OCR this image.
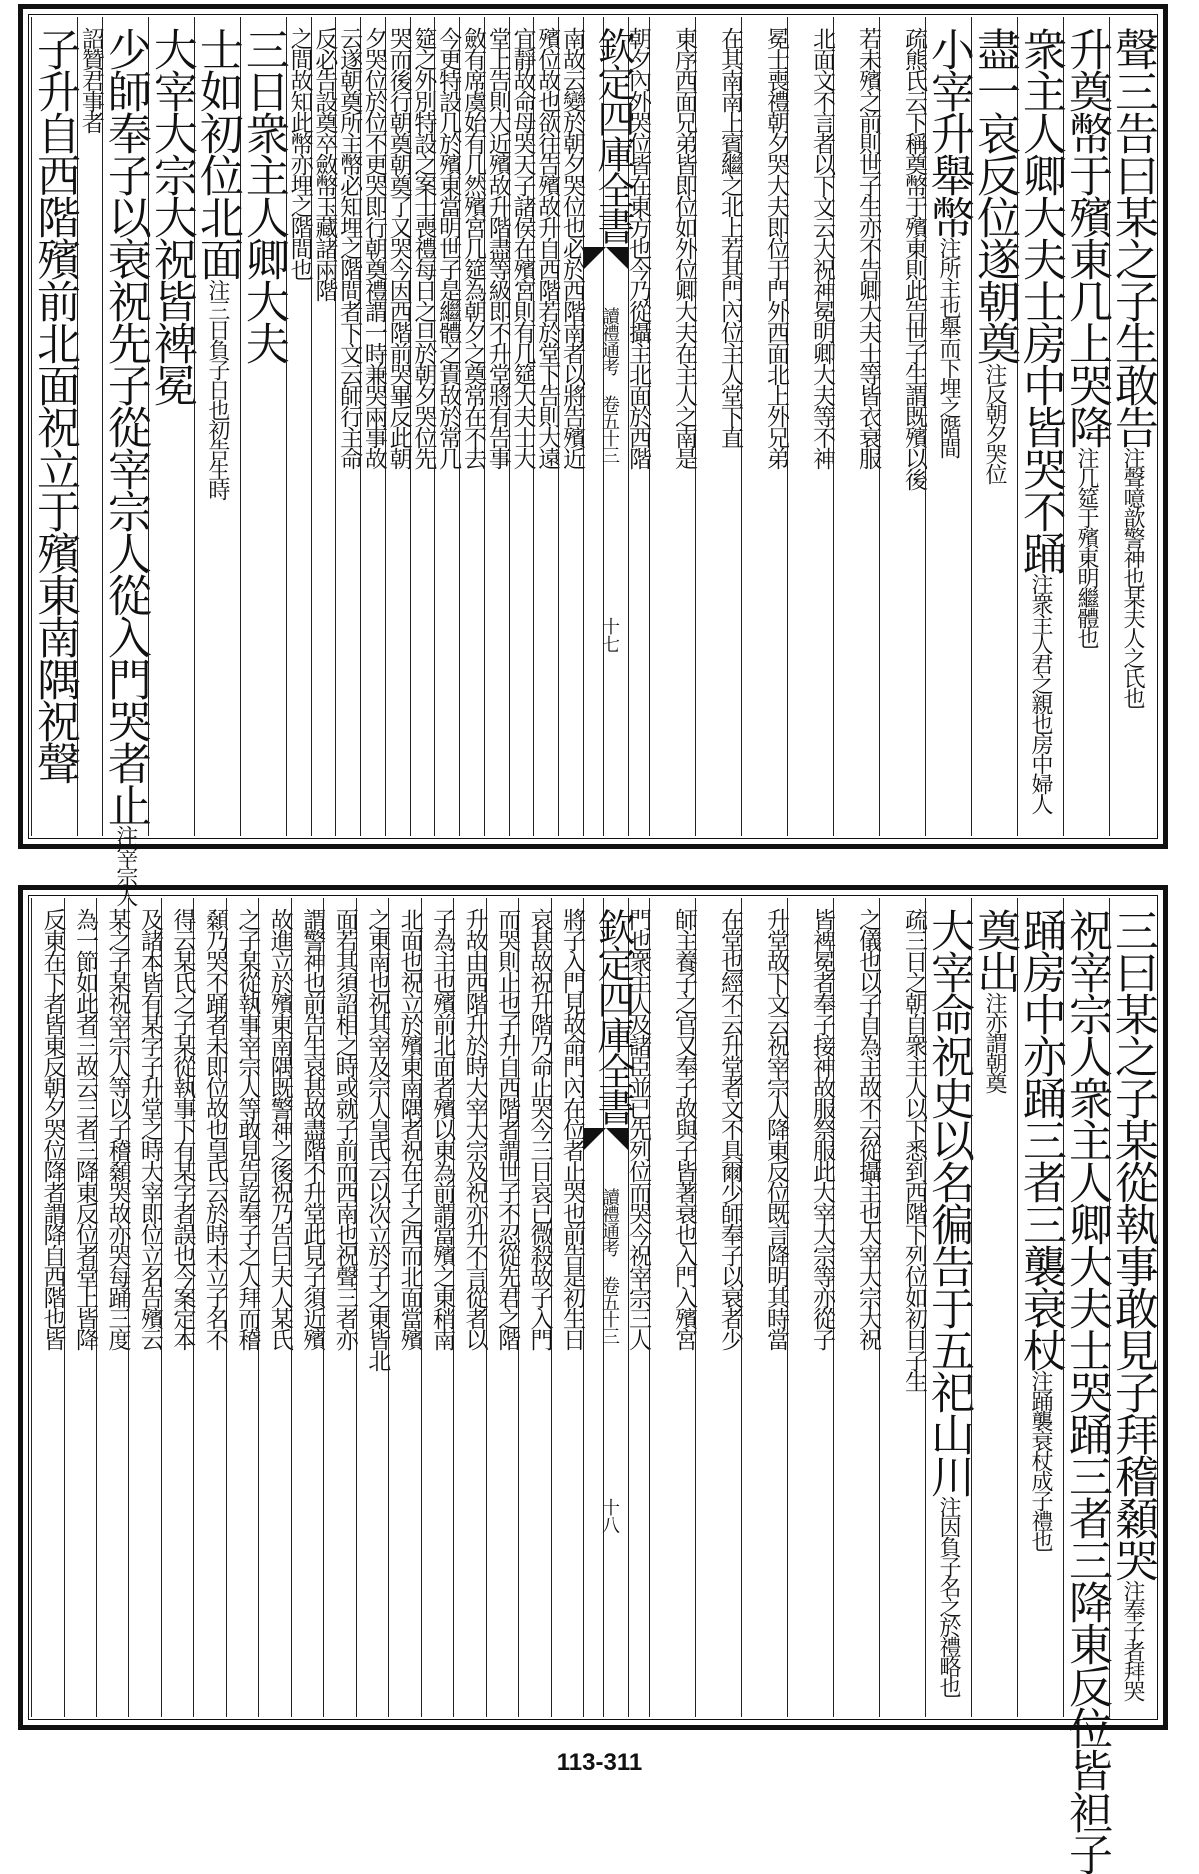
聲三告曰某之子生敢告注聲噫歆警神也某夫人之氏也
升奠幣于殯東几上哭降注几筵于殯東明繼體也
衆主人卿大夫士房中皆哭不踊注衆主人君之親也房中婦人
盡一哀反位遂朝奠注反朝夕哭位
小宰升舉幣注所主也舉而下埋之階間
疏熊氏云下稱奠幣于殯東則此告世子生謂既殯以後
若未殯之前則世子生亦不告卿大夫士等皆衣衰服
北面文不言者以下文云大祝神冕明卿大夫等不神
冕士喪禮朝夕哭大夫即位于門外西面北上外兄弟
在其南南上賓繼之北上若其門內位主人堂下直
東序西面兄弟皆即位如外位卿大夫在主人之南是
朝夕內外哭位皆在東方也今乃從攝主北面於西階
欽定四庫全書
讀禮通考 卷五十三
十七
南故云變於朝夕哭位也必於西階南者以將告殯近
殯位故也欲往告殯故升自西階若於堂下告則大遠
宜靜故命母哭天子諸侯在殯宮則有几筵大夫士大
堂上告則大近殯故升階盡等級即不升堂將有告事
斂有席虞始有几然殯宮几筵為朝夕之奠常在不去
今更特設几於殯東當明世子是繼體之貴故於常几
筵之外別特設之案士喪禮每日之旦於朝夕哭位先
哭而後行朝奠朝奠了又哭今因西階前哭畢反此朝
夕哭位於位不更哭即行朝奠禮謂一時兼哭兩事故
云遂朝奠所主幣必知埋之階間者下文云師行主命
反必告設奠卒斂幣玉藏諸兩階
之間故知此幣亦埋之階間也
三日衆主人卿大夫
士如初位北面注三日負子日也初告生時
大宰大宗大祝皆裨冕
少師奉子以衰祝先子從宰宗人從入門哭者止注宰宗人
詔贊君事者
子升自西階殯前北面祝立于殯東南隅祝聲
三曰某之子某從執事敢見子拜稽顙哭注奉子者拜哭
祝宰宗人衆主人卿大夫士哭踊三者三降東反位皆袒子
踊房中亦踊三者三襲衰杖注踊襲衰杖成子禮也
奠出注亦謂朝奠
大宰命祝史以名徧告于五祀山川注因負子名之於禮略也
疏三日之朝自衆主人以下悉到西階下列位如初日子生
之儀也以子自為主故不云從攝主也大宰大宗大祝
皆裨冕者奉子接神故服祭服此大宰大宗等亦從子
升堂故下文云祝宰宗人降東反位既言降明其時當
在堂也經不云升堂者文不具爾少師奉子以衰者少
師主養子之官又奉子故與子皆著衰也入門入殯宮
門也衆主人及諸臣並已先列位而哭今祝宰宗三人
欽定四庫全書
讀禮通考 卷五十三
十八
將子入門見故命門內在位者止哭也前告是初生日
哀甚故祝升階乃命止哭今三日哀已微殺故子入門
而哭則止也子升自西階者謂世子不忍從先君之階
升故由西階升於時大宰大宗及祝亦升不言從者以
子為主也殯前北面者殯以東為前謂當殯之東稍南
北面也祝立於殯東南隅者祝在子之西而北面當殯
之東南也祝其宰及宗人皇氏云以次立於子之東皆北
面若其須詔相之時或就子前而西南也祝聲三者亦
謂警神也前告生哀甚故盡階不升堂此見子須近殯
故進立於殯東南隅既警神之後祝乃告曰夫人某氏
之子某從執事宰宗人等敢見告訖奉子之人拜而稽
顙乃哭不踊者未即位故也皇氏云於時未立子名不
得云某氏之子某從執事下有某字者誤也今案定本
及諸本皆有某字子升堂之時大宰即位立名告殯云
某之子某祝宰宗人等以子稽顙哭故亦哭每踊三度
為一節如此者三故云三者三降東反位者堂上皆降
反東在下者皆東反朝夕哭位降者謂降自西階也皆
113-311
